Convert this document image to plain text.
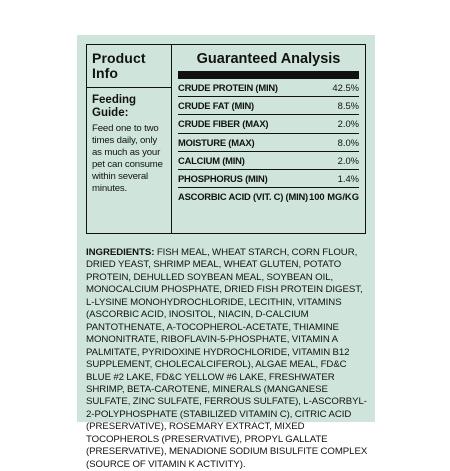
Product
Info
Feeding
Guide:
Feed one to two times daily, only as much as your pet can consume within several minutes.
Guaranteed Analysis
CRUDE PROTEIN (MIN)	42.5%
CRUDE FAT (MIN)	8.5%
CRUDE FIBER (MAX)	2.0%
MOISTURE (MAX)	8.0%
CALCIUM (MIN)	2.0%
PHOSPHORUS (MIN)	1.4%
ASCORBIC ACID (VIT. C) (MIN)	100 MG/KG
INGREDIENTS: FISH MEAL, WHEAT STARCH, CORN FLOUR, DRIED YEAST, SHRIMP MEAL, WHEAT GLUTEN, POTATO PROTEIN, DEHULLED SOYBEAN MEAL, SOYBEAN OIL, MONOCALCIUM PHOSPHATE, DRIED FISH PROTEIN DIGEST, L-LYSINE MONOHYDROCHLORIDE, LECITHIN, VITAMINS (ASCORBIC ACID, INOSITOL, NIACIN, D-CALCIUM PANTOTHENATE, A-TOCOPHEROL-ACETATE, THIAMINE MONONITRATE, RIBOFLAVIN-5-PHOSPHATE, VITAMIN A PALMITATE, PYRIDOXINE HYDROCHLORIDE, VITAMIN B12 SUPPLEMENT, CHOLECALCIFEROL), ALGAE MEAL, FD&C BLUE #2 LAKE, FD&C YELLOW #6 LAKE, FRESHWATER SHRIMP, BETA-CAROTENE, MINERALS (MANGANESE SULFATE, ZINC SULFATE, FERROUS SULFATE), L-ASCORBYL-2-POLYPHOSPHATE (STABILIZED VITAMIN C), CITRIC ACID (PRESERVATIVE), ROSEMARY EXTRACT, MIXED TOCOPHEROLS (PRESERVATIVE), PROPYL GALLATE (PRESERVATIVE), MENADIONE SODIUM BISULFITE COMPLEX (SOURCE OF VITAMIN K ACTIVITY).
